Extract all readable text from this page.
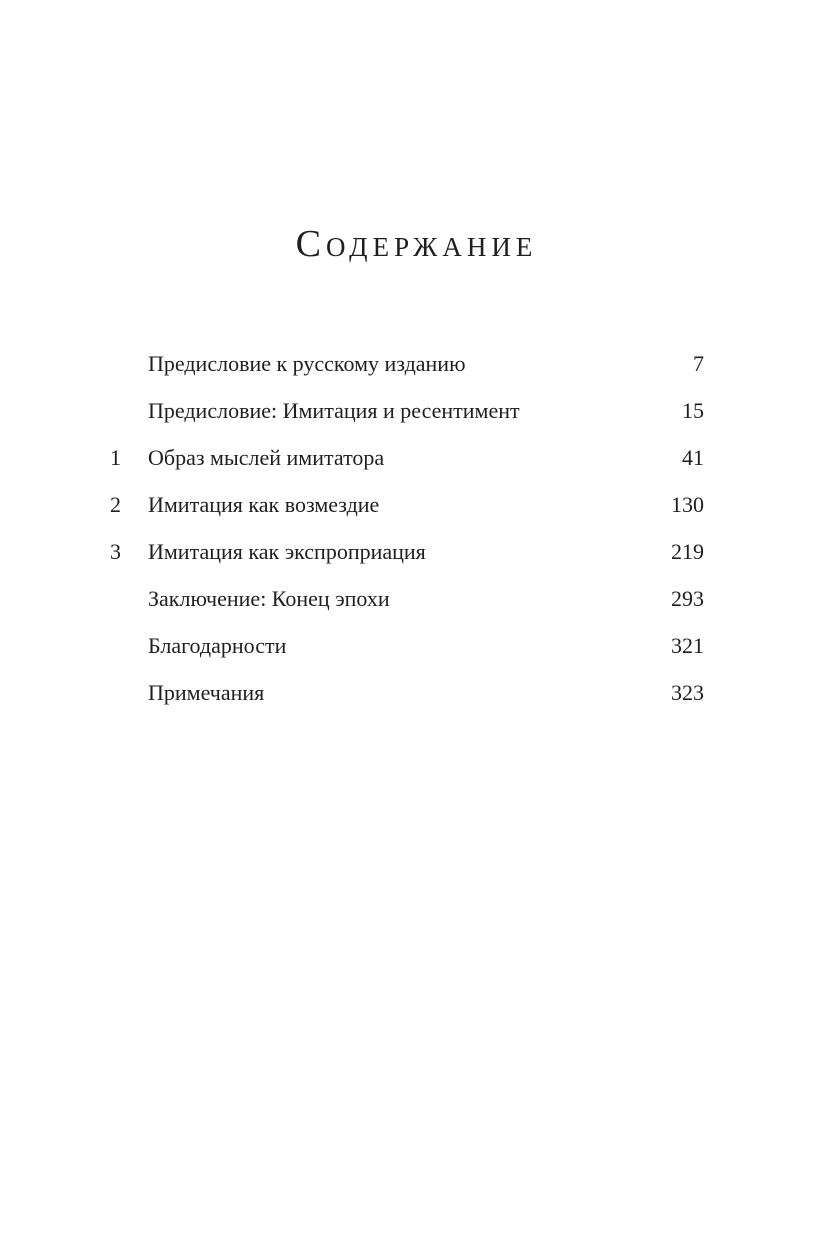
Содержание
Предисловие к русскому изданию	7
Предисловие: Имитация и ресентимент	15
1	Образ мыслей имитатора	41
2	Имитация как возмездие	130
3	Имитация как экспроприация	219
Заключение: Конец эпохи	293
Благодарности	321
Примечания	323
